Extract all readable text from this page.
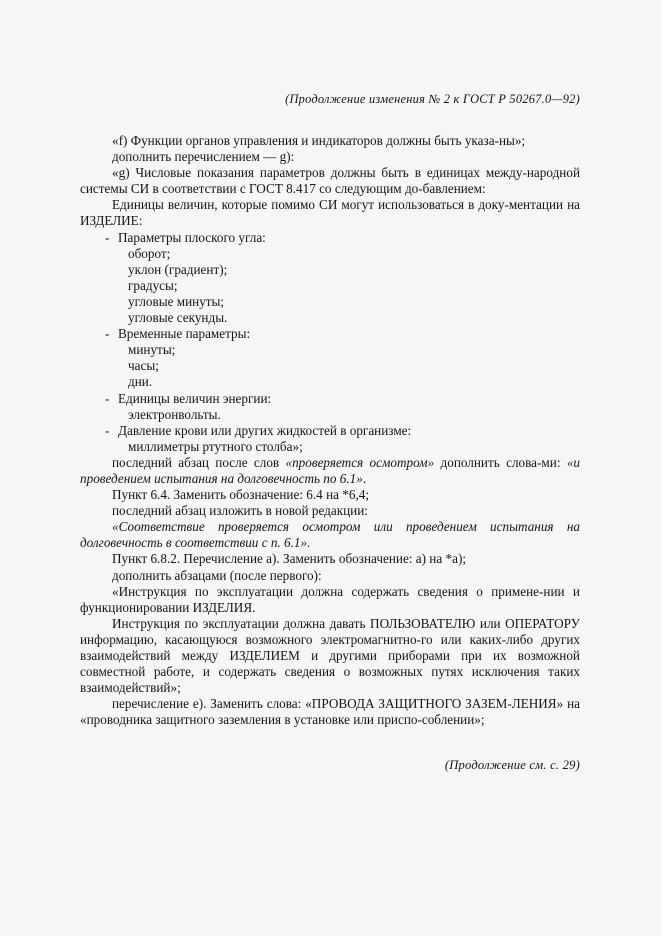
(Продолжение изменения № 2 к ГОСТ Р 50267.0—92)

«f) Функции органов управления и индикаторов должны быть указа-ны»;

дополнить перечислением — g):

«g) Числовые показания параметров должны быть в единицах между-народной системы СИ в соответствии с ГОСТ 8.417 со следующим до-бавлением:

Единицы величин, которые помимо СИ могут использоваться в доку-ментации на ИЗДЕЛИЕ:

- Параметры плоского угла:

оборот;

уклон (градиент);

градусы;

угловые минуты;

угловые секунды.

- Временные параметры:

минуты;

часы;

дни.

- Единицы величин энергии:

электронвольты.

- Давление крови или других жидкостей в организме:

миллиметры ртутного столба»;

последний абзац после слов «проверяется осмотром» дополнить слова-ми: «и проведением испытания на долговечность по 6.1».

Пункт 6.4. Заменить обозначение: 6.4 на *6,4;

последний абзац изложить в новой редакции:

«Соответствие проверяется осмотром или проведением испытания на долговечность в соответствии с п. 6.1».

Пункт 6.8.2. Перечисление a). Заменить обозначение: a) на *a);

дополнить абзацами (после первого):

«Инструкция по эксплуатации должна содержать сведения о примене-нии и функционировании ИЗДЕЛИЯ.

Инструкция по эксплуатации должна давать ПОЛЬЗОВАТЕЛЮ или ОПЕРАТОРУ информацию, касающуюся возможного электромагнитно-го или каких-либо других взаимодействий между ИЗДЕЛИЕМ и другими приборами при их возможной совместной работе, и содержать сведения о возможных путях исключения таких взаимодействий»;

перечисление e). Заменить слова: «ПРОВОДА ЗАЩИТНОГО ЗАЗЕМ-ЛЕНИЯ» на «проводника защитного заземления в установке или приспо-соблении»;

(Продолжение см. с. 29)
